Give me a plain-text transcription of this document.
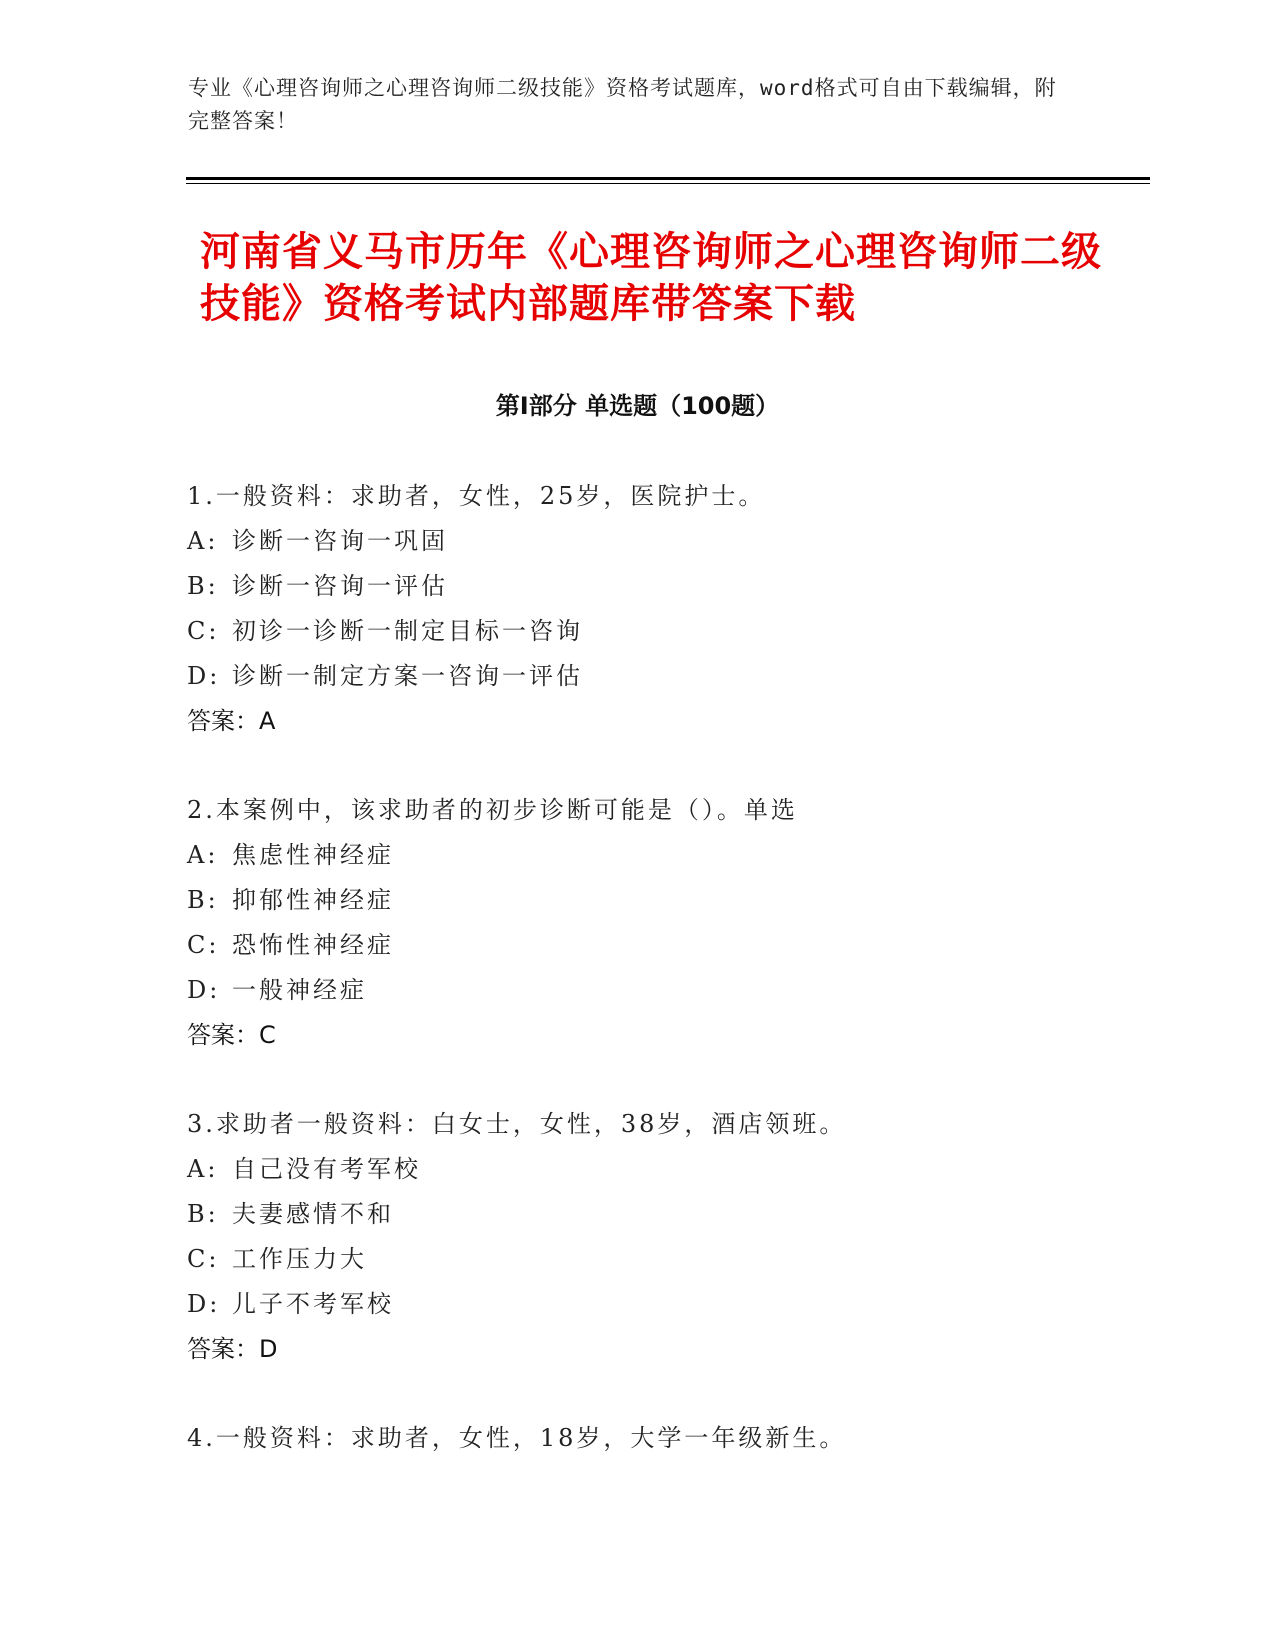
专业《心理咨询师之心理咨询师二级技能》资格考试题库，word格式可自由下载编辑，附完整答案！
河南省义马市历年《心理咨询师之心理咨询师二级技能》资格考试内部题库带答案下载
第Ⅰ部分 单选题（100题）
1.一般资料：求助者，女性，25岁，医院护士。
A: 诊断一咨询一巩固
B: 诊断一咨询一评估
C: 初诊一诊断一制定目标一咨询
D: 诊断一制定方案一咨询一评估
答案：A
2.本案例中，该求助者的初步诊断可能是（）。单选
A: 焦虑性神经症
B: 抑郁性神经症
C: 恐怖性神经症
D: 一般神经症
答案：C
3.求助者一般资料：白女士，女性，38岁，酒店领班。
A: 自己没有考军校
B: 夫妻感情不和
C: 工作压力大
D: 儿子不考军校
答案：D
4.一般资料：求助者，女性，18岁，大学一年级新生。
